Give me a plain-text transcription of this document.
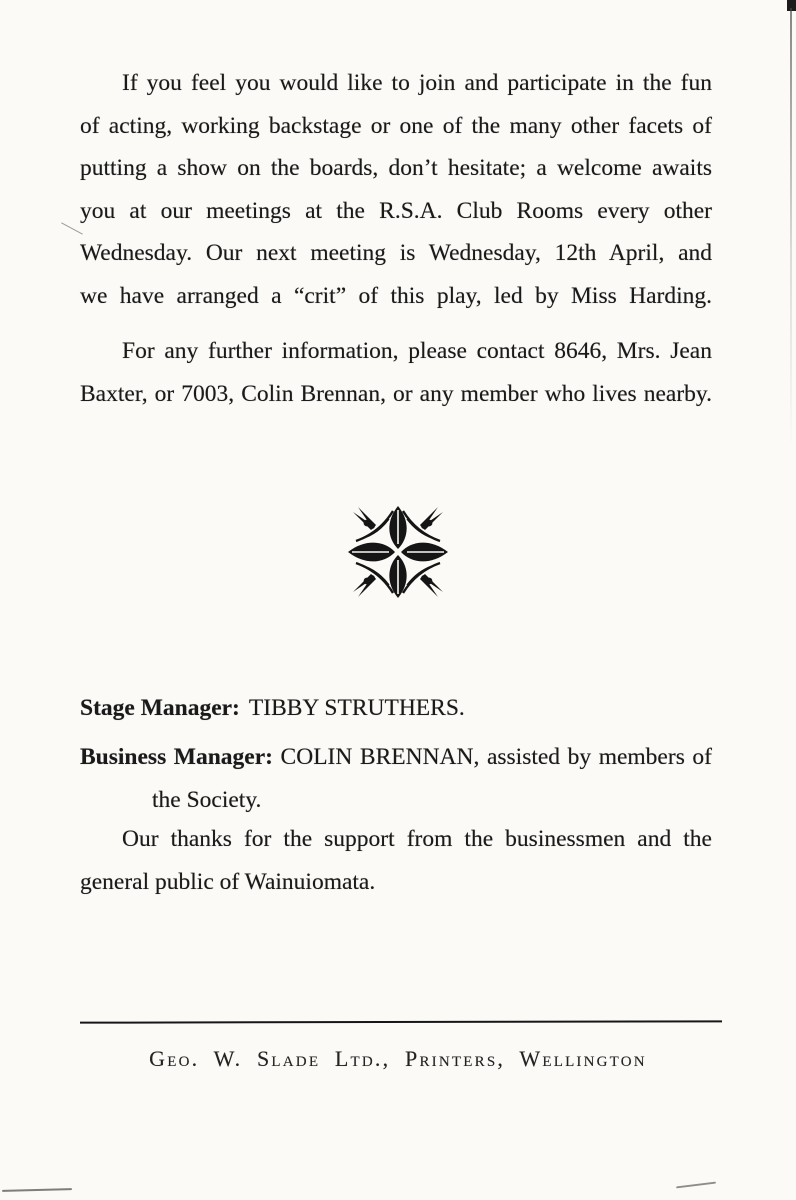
If you feel you would like to join and participate in the fun
of acting, working backstage or one of the many other facets of
putting a show on the boards, don’t hesitate; a welcome awaits
you at our meetings at the R.S.A. Club Rooms every other
Wednesday. Our next meeting is Wednesday, 12th April, and
we have arranged a “crit” of this play, led by Miss Harding.
For any further information, please contact 8646, Mrs. Jean
Baxter, or 7003, Colin Brennan, or any member who lives nearby.
Stage Manager: TIBBY STRUTHERS.
Business Manager: COLIN BRENNAN, assisted by members of
the Society.
Our thanks for the support from the businessmen and the
general public of Wainuiomata.
Geo. W. Slade Ltd., Printers, Wellington
